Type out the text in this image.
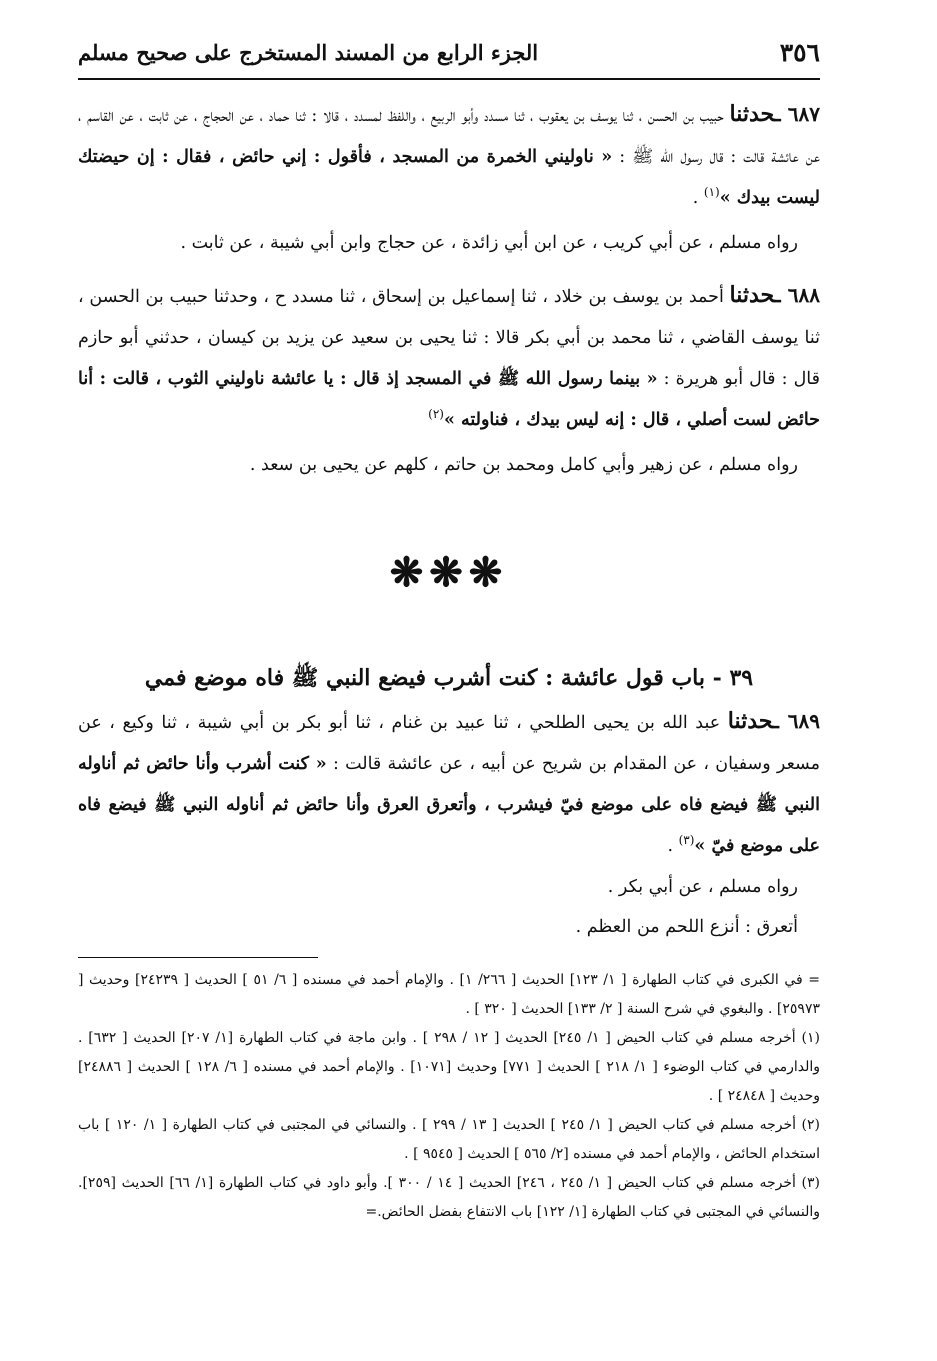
٣٥٦
الجزء الرابع من المسند المستخرج على صحيح مسلم

٦٨٧ ـحدثنا حبيب بن الحسن ، ثنا يوسف بن يعقوب ، ثنا مسدد وأبو الربيع ، واللفظ لمسدد ، قالا : ثنا حماد ، عن الحجاج ، عن ثابت ، عن القاسم ، عن عائشة قالت : قال رسول الله ﷺ : « ناوليني الخمرة من المسجد ، فأقول : إني حائض ، فقال : إن حيضتك ليست بيدك »$^{(١)}$ .

رواه مسلم ، عن أبي كريب ، عن ابن أبي زائدة ، عن حجاج وابن أبي شيبة ، عن ثابت .

٦٨٨ ـحدثنا أحمد بن يوسف بن خلاد ، ثنا إسماعيل بن إسحاق ، ثنا مسدد ح ، وحدثنا حبيب بن الحسن ، ثنا يوسف القاضي ، ثنا محمد بن أبي بكر قالا : ثنا يحيى بن سعيد عن يزيد بن كيسان ، حدثني أبو حازم قال : قال أبو هريرة : « بينما رسول الله ﷺ في المسجد إذ قال : يا عائشة ناوليني الثوب ، قالت : أنا حائض لست أصلي ، قال : إنه ليس بيدك ، فناولته »$^{(٢)}$

رواه مسلم ، عن زهير وأبي كامل ومحمد بن حاتم ، كلهم عن يحيى بن سعد .

❋❋❋
٣٩ - باب قول عائشة : كنت أشرب فيضع النبي ﷺ فاه موضع فمي

٦٨٩ ـحدثنا عبد الله بن يحيى الطلحي ، ثنا عبيد بن غنام ، ثنا أبو بكر بن أبي شيبة ، ثنا وكيع ، عن مسعر وسفيان ، عن المقدام بن شريح عن أبيه ، عن عائشة قالت : « كنت أشرب وأنا حائض ثم أناوله النبي ﷺ فيضع فاه على موضع فيّ فيشرب ، وأتعرق العرق وأنا حائض ثم أناوله النبي ﷺ فيضع فاه على موضع فيّ »$^{(٣)}$ .

رواه مسلم ، عن أبي بكر .

أتعرق : أنزع اللحم من العظم .

= في الكبرى في كتاب الطهارة [ ١/ ١٢٣] الحديث [ ٢٦٦/ ١] . والإمام أحمد في مسنده [ ٦/ ٥١ ] الحديث [ ٢٤٢٣٩] وحديث [ ٢٥٩٧٣] . والبغوي في شرح السنة [ ٢/ ١٣٣] الحديث [ ٣٢٠ ] .

(١) أخرجه مسلم في كتاب الحيض [ ١/ ٢٤٥] الحديث [ ١٢ / ٢٩٨ ] . وابن ماجة في كتاب الطهارة [١/ ٢٠٧] الحديث [ ٦٣٢] . والدارمي في كتاب الوضوء [ ١/ ٢١٨ ] الحديث [ ٧٧١] وحديث [١٠٧١] . والإمام أحمد في مسنده [ ٦/ ١٢٨ ] الحديث [ ٢٤٨٨٦] وحديث [ ٢٤٨٤٨ ] .

(٢) أخرجه مسلم في كتاب الحيض [ ١/ ٢٤٥ ] الحديث [ ١٣ / ٢٩٩ ] . والنسائي في المجتبى في كتاب الطهارة [ ١/ ١٢٠ ] باب استخدام الحائض ، والإمام أحمد في مسنده [٢/ ٥٦٥ ] الحديث [ ٩٥٤٥ ] .

(٣) أخرجه مسلم في كتاب الحيض [ ١/ ٢٤٥ ، ٢٤٦] الحديث [ ١٤ / ٣٠٠ ]. وأبو داود في كتاب الطهارة [١/ ٦٦] الحديث [٢٥٩]. والنسائي في المجتبى في كتاب الطهارة [١/ ١٢٢] باب الانتفاع بفضل الحائض.=
